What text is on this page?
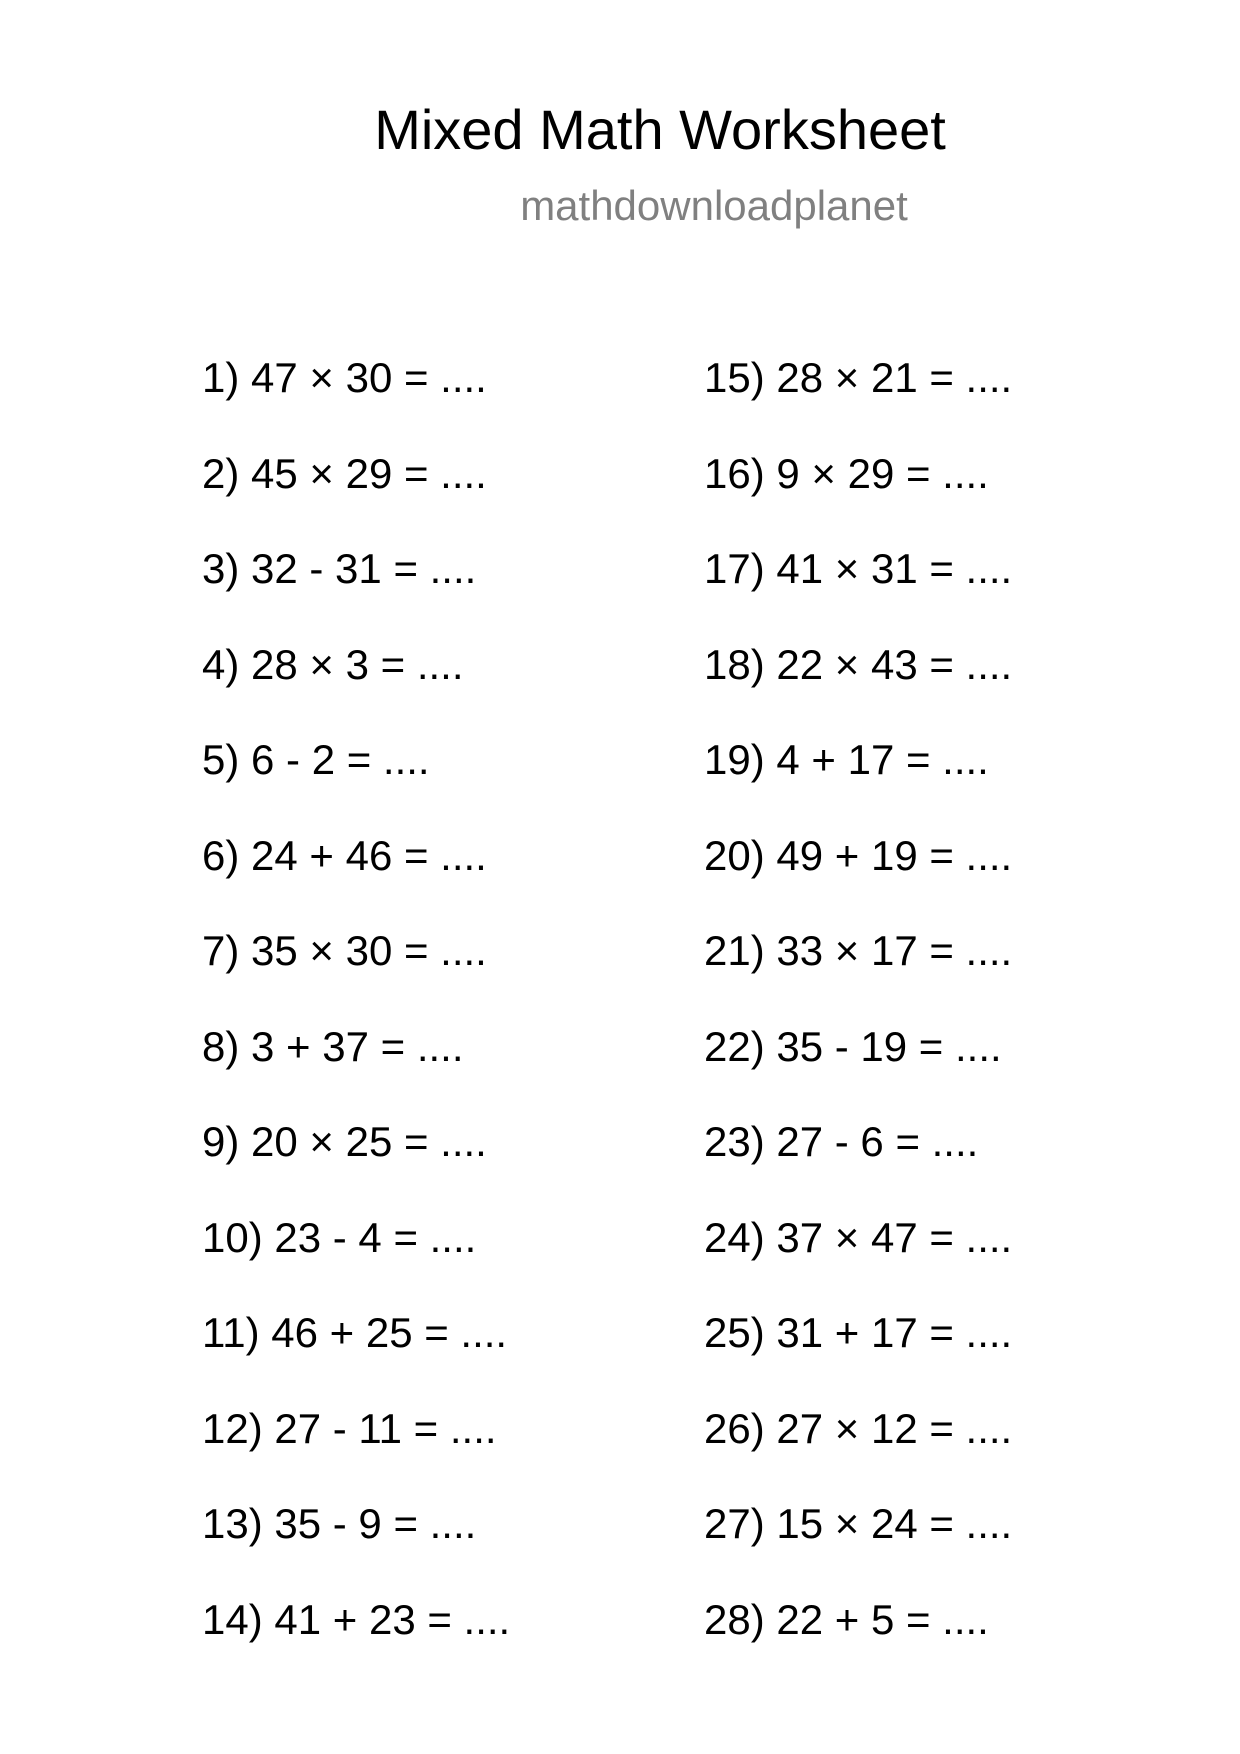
Mixed Math Worksheet
mathdownloadplanet
1) 47 × 30 = ....
2) 45 × 29 = ....
3) 32 - 31 = ....
4) 28 × 3 = ....
5) 6 - 2 = ....
6) 24 + 46 = ....
7) 35 × 30 = ....
8) 3 + 37 = ....
9) 20 × 25 = ....
10) 23 - 4 = ....
11) 46 + 25 = ....
12) 27 - 11 = ....
13) 35 - 9 = ....
14) 41 + 23 = ....
15) 28 × 21 = ....
16) 9 × 29 = ....
17) 41 × 31 = ....
18) 22 × 43 = ....
19) 4 + 17 = ....
20) 49 + 19 = ....
21) 33 × 17 = ....
22) 35 - 19 = ....
23) 27 - 6 = ....
24) 37 × 47 = ....
25) 31 + 17 = ....
26) 27 × 12 = ....
27) 15 × 24 = ....
28) 22 + 5 = ....
